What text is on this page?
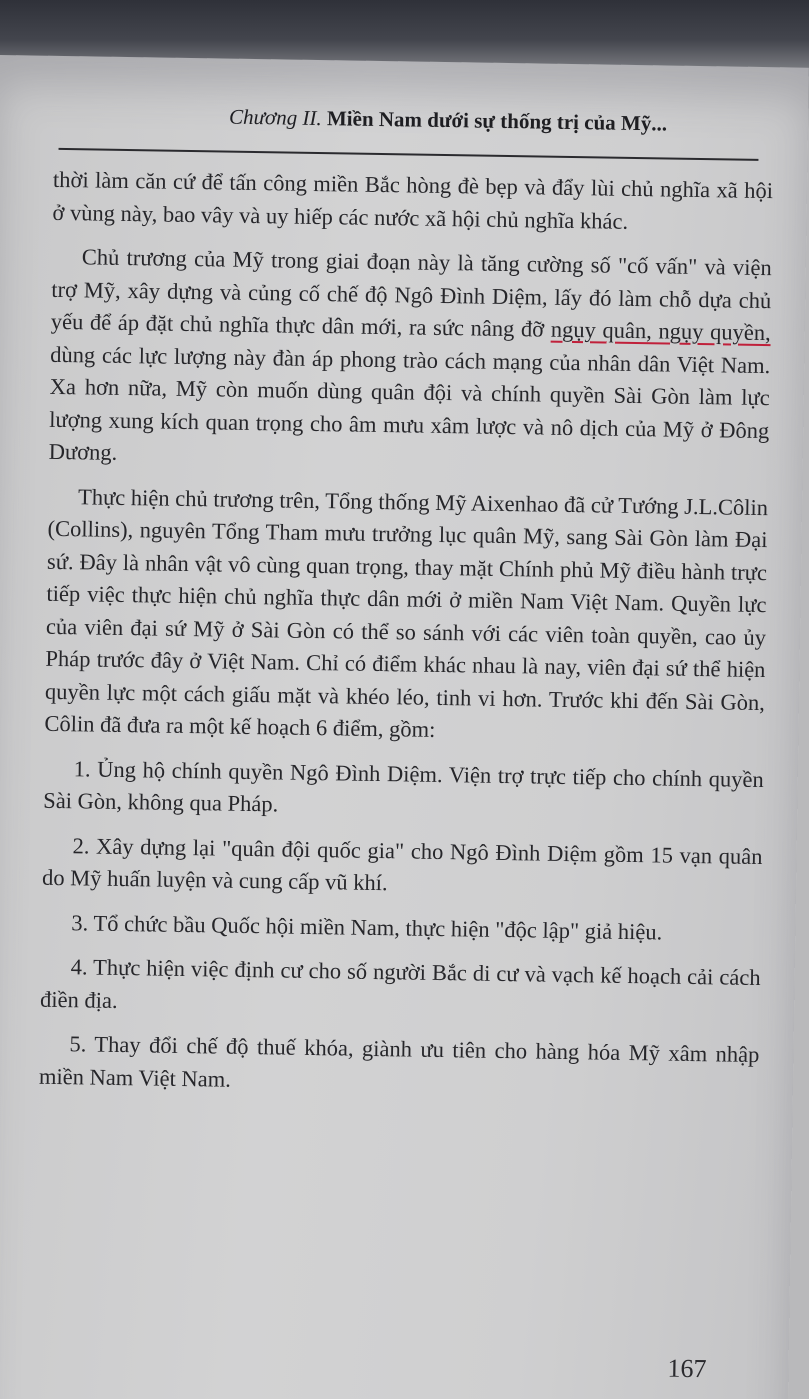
Chương II. Miền Nam dưới sự thống trị của Mỹ...

thời làm căn cứ để tấn công miền Bắc hòng đè bẹp và đẩy lùi chủ nghĩa xã hội ở vùng này, bao vây và uy hiếp các nước xã hội chủ nghĩa khác.

Chủ trương của Mỹ trong giai đoạn này là tăng cường số "cố vấn" và viện trợ Mỹ, xây dựng và củng cố chế độ Ngô Đình Diệm, lấy đó làm chỗ dựa chủ yếu để áp đặt chủ nghĩa thực dân mới, ra sức nâng đỡ ngụy quân, ngụy quyền, dùng các lực lượng này đàn áp phong trào cách mạng của nhân dân Việt Nam. Xa hơn nữa, Mỹ còn muốn dùng quân đội và chính quyền Sài Gòn làm lực lượng xung kích quan trọng cho âm mưu xâm lược và nô dịch của Mỹ ở Đông Dương.

Thực hiện chủ trương trên, Tổng thống Mỹ Aixenhao đã cử Tướng J.L.Côlin (Collins), nguyên Tổng Tham mưu trưởng lục quân Mỹ, sang Sài Gòn làm Đại sứ. Đây là nhân vật vô cùng quan trọng, thay mặt Chính phủ Mỹ điều hành trực tiếp việc thực hiện chủ nghĩa thực dân mới ở miền Nam Việt Nam. Quyền lực của viên đại sứ Mỹ ở Sài Gòn có thể so sánh với các viên toàn quyền, cao ủy Pháp trước đây ở Việt Nam. Chỉ có điểm khác nhau là nay, viên đại sứ thể hiện quyền lực một cách giấu mặt và khéo léo, tinh vi hơn. Trước khi đến Sài Gòn, Côlin đã đưa ra một kế hoạch 6 điểm, gồm:

1. Ủng hộ chính quyền Ngô Đình Diệm. Viện trợ trực tiếp cho chính quyền Sài Gòn, không qua Pháp.

2. Xây dựng lại "quân đội quốc gia" cho Ngô Đình Diệm gồm 15 vạn quân do Mỹ huấn luyện và cung cấp vũ khí.

3. Tổ chức bầu Quốc hội miền Nam, thực hiện "độc lập" giả hiệu.

4. Thực hiện việc định cư cho số người Bắc di cư và vạch kế hoạch cải cách điền địa.

5. Thay đổi chế độ thuế khóa, giành ưu tiên cho hàng hóa Mỹ xâm nhập miền Nam Việt Nam.

167
